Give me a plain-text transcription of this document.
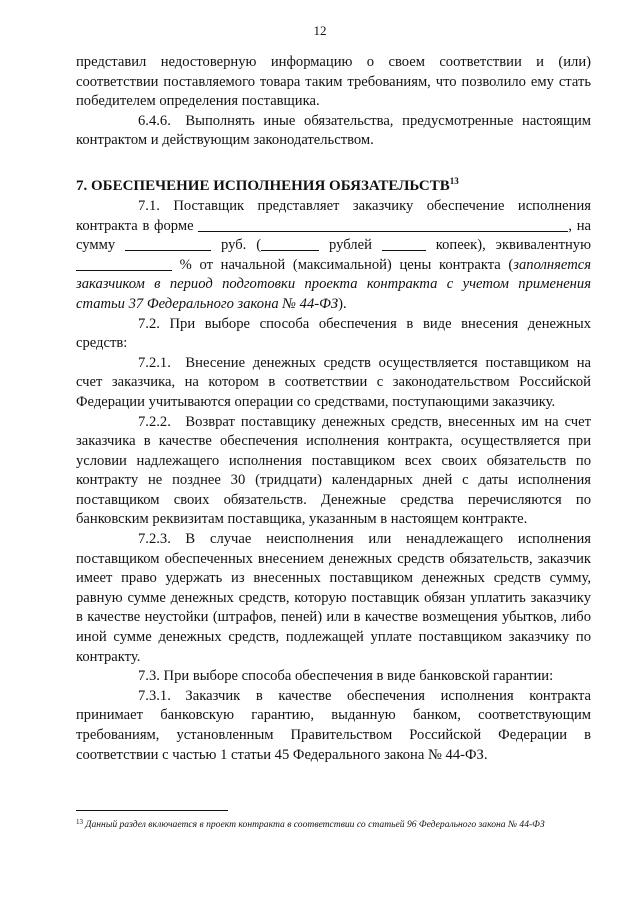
12

представил недостоверную информацию о своем соответствии и (или) соответствии поставляемого товара таким требованиям, что позволило ему стать победителем определения поставщика.

6.4.6. Выполнять иные обязательства, предусмотренные настоящим контрактом и действующим законодательством.

7. ОБЕСПЕЧЕНИЕ ИСПОЛНЕНИЯ ОБЯЗАТЕЛЬСТВ$^{13}$

7.1. Поставщик представляет заказчику обеспечение исполнения контракта в форме	, на сумму	руб. (	рублей	копеек), эквивалентную  % от начальной (максимальной) цены контракта (заполняется заказчиком в период подготовки проекта контракта с учетом применения статьи 37 Федерального закона № 44-ФЗ).

7.2. При выборе способа обеспечения в виде внесения денежных средств:

7.2.1. Внесение денежных средств осуществляется поставщиком на счет заказчика, на котором в соответствии с законодательством Российской Федерации учитываются операции со средствами, поступающими заказчику.

7.2.2. Возврат поставщику денежных средств, внесенных им на счет заказчика в качестве обеспечения исполнения контракта, осуществляется при условии надлежащего исполнения поставщиком всех своих обязательств по контракту не позднее 30 (тридцати) календарных дней с даты исполнения поставщиком своих обязательств. Денежные средства перечисляются по банковским реквизитам поставщика, указанным в настоящем контракте.

7.2.3. В случае неисполнения или ненадлежащего исполнения поставщиком обеспеченных внесением денежных средств обязательств, заказчик имеет право удержать из внесенных поставщиком денежных средств сумму, равную сумме денежных средств, которую поставщик обязан уплатить заказчику в качестве неустойки (штрафов, пеней) или в качестве возмещения убытков, либо иной сумме денежных средств, подлежащей уплате поставщиком заказчику по контракту.

7.3. При выборе способа обеспечения в виде банковской гарантии:

7.3.1. Заказчик в качестве обеспечения исполнения контракта принимает банковскую гарантию, выданную банком, соответствующим требованиям, установленным Правительством Российской Федерации в соответствии с частью 1 статьи 45 Федерального закона № 44-ФЗ.

$^{13}$ Данный раздел включается в проект контракта в соответствии со статьей 96 Федерального закона № 44-ФЗ
